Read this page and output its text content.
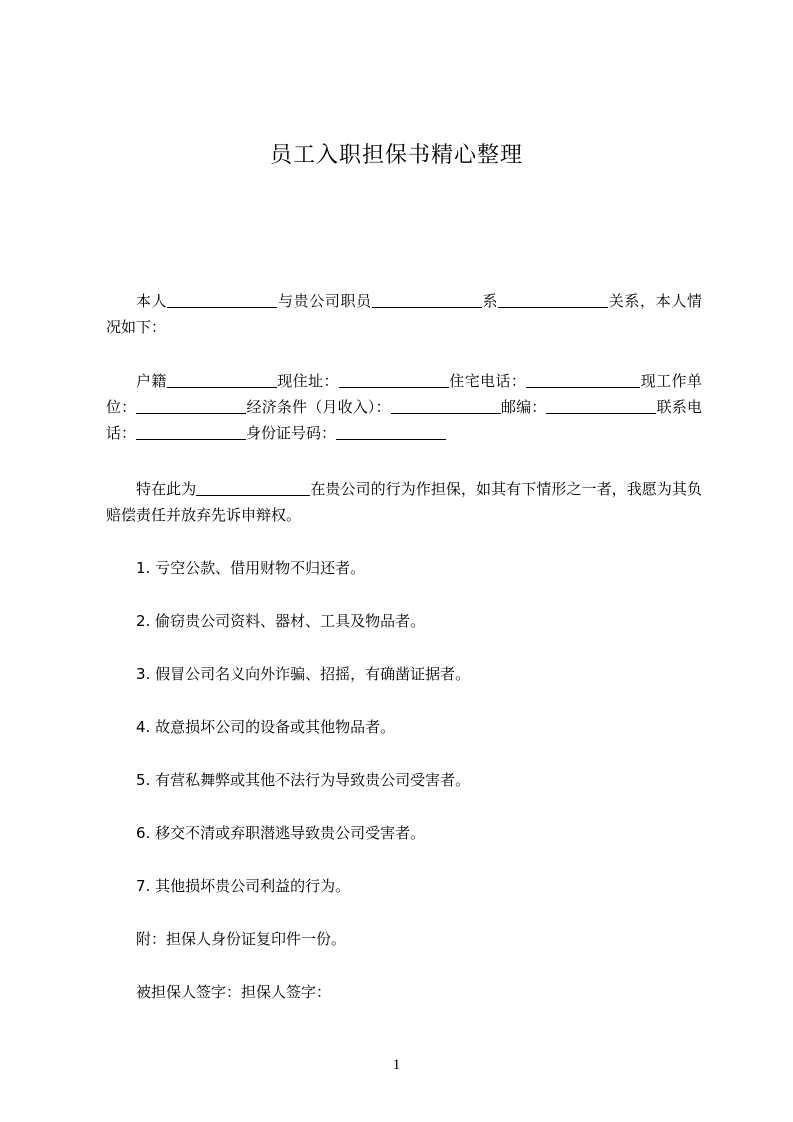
员工入职担保书精心整理

本人	与贵公司职员	系	关系，本人情况如下：

户籍	现住址：	住宅电话：	现工作单位：	经济条件（月收入）：	邮编：	联系电话：	身份证号码：

特在此为	在贵公司的行为作担保，如其有下情形之一者，我愿为其负赔偿责任并放弃先诉申辩权。

1. 亏空公款、借用财物不归还者。
2. 偷窃贵公司资料、器材、工具及物品者。
3. 假冒公司名义向外诈骗、招摇，有确凿证据者。
4. 故意损坏公司的设备或其他物品者。
5. 有营私舞弊或其他不法行为导致贵公司受害者。
6. 移交不清或弃职潜逃导致贵公司受害者。
7. 其他损坏贵公司利益的行为。
附：担保人身份证复印件一份。
被担保人签字：担保人签字：
1
